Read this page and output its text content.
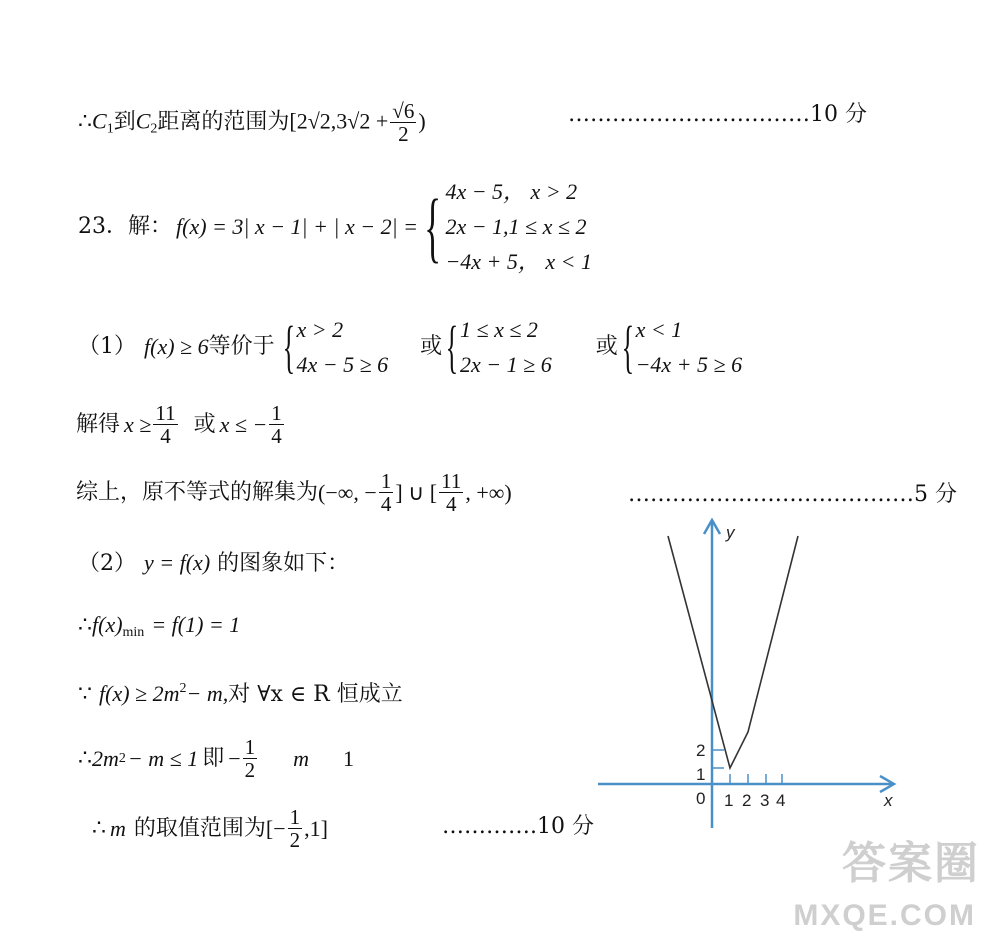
$\therefore C_1$到$C_2$距离的范围为[$2√2,3√2 + \frac{√6}{2}$ )	……………………………10 分
23．解： f(x) = 3| x − 1| + | x − 2| = { 4x − 5， x > 2
2x − 1,1 ≤ x ≤ 2
−4x + 5， x < 1
（1） f(x) ≥ 6 等价于 { x > 2
4x − 5 ≥ 6
或 { 1 ≤ x ≤ 2
2x − 1 ≥ 6
或 { x < 1
−4x + 5 ≥ 6
解得 $x \ge \frac{11}{4}$ 或 x ≤ − $\frac{1}{4}$
综上，原不等式的解集为 (−∞, − $\frac{1}{4}$ ] ∪ [ $\frac{11}{4}$ , +∞)	…………………………………5 分
（2） y = f(x) 的图象如下：
$\therefore f(x)_{min} = f(1) = 1$
∵ $f(x) \ge 2m^2- m$,对 ∀x ∈ R 恒成立
∴ 2m 2 − m ≤ 1 即 − $\frac{1}{2}$ m 1
∴ m 的取值范围为 [− $\frac{1}{2} ,1$]	………….10 分
y
x
0
1
2
1 2 3 4
答案圈
MXQE.COM
